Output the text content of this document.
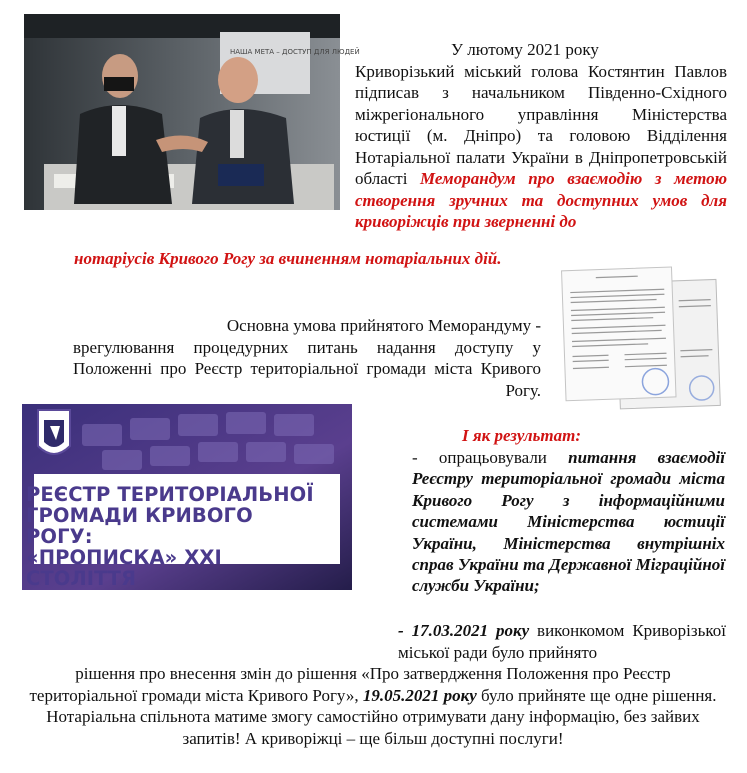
НАША МЕТА – ДОСТУП ДЛЯ ЛЮДЕЙ	У лютому 2021 року
Криворізький міський голова Костянтин Павлов підписав з начальником Південно-Східного міжрегіонального управління Міністерства юстиції (м. Дніпро) та головою Відділення Нотаріальної палати України в Дніпропетровській області Меморандум про взаємодію з метою створення зручних та доступних умов для криворіжців при зверненні до
нотаріусів Кривого Рогу за вчиненням нотаріальних дій.
Основна умова прийнятого Меморандуму -
врегулювання процедурних питань надання доступу у Положенні про Реєстр територіальної громади міста Кривого Рогу.
РЕЄСТР ТЕРИТОРІАЛЬНОЇ
ГРОМАДИ КРИВОГО РОГУ:
«ПРОПИСКА» XXI СТОЛІТТЯ
І як результат:
- опрацьовували питання взаємодії Реєстру територіальної громади міста Кривого Рогу з інформаційними системами Міністерства юстиції України, Міністерства внутрішніх справ України та Державної Міграційної служби України;
- 17.03.2021 року виконкомом Криворізької міської ради було прийнято
рішення про внесення змін до рішення «Про затвердження Положення про Реєстр територіальної громади міста Кривого Рогу», 19.05.2021 року було прийняте ще одне рішення.
Нотаріальна спільнота матиме змогу самостійно отримувати дану інформацію, без зайвих запитів! А криворіжці – ще більш доступні послуги!
